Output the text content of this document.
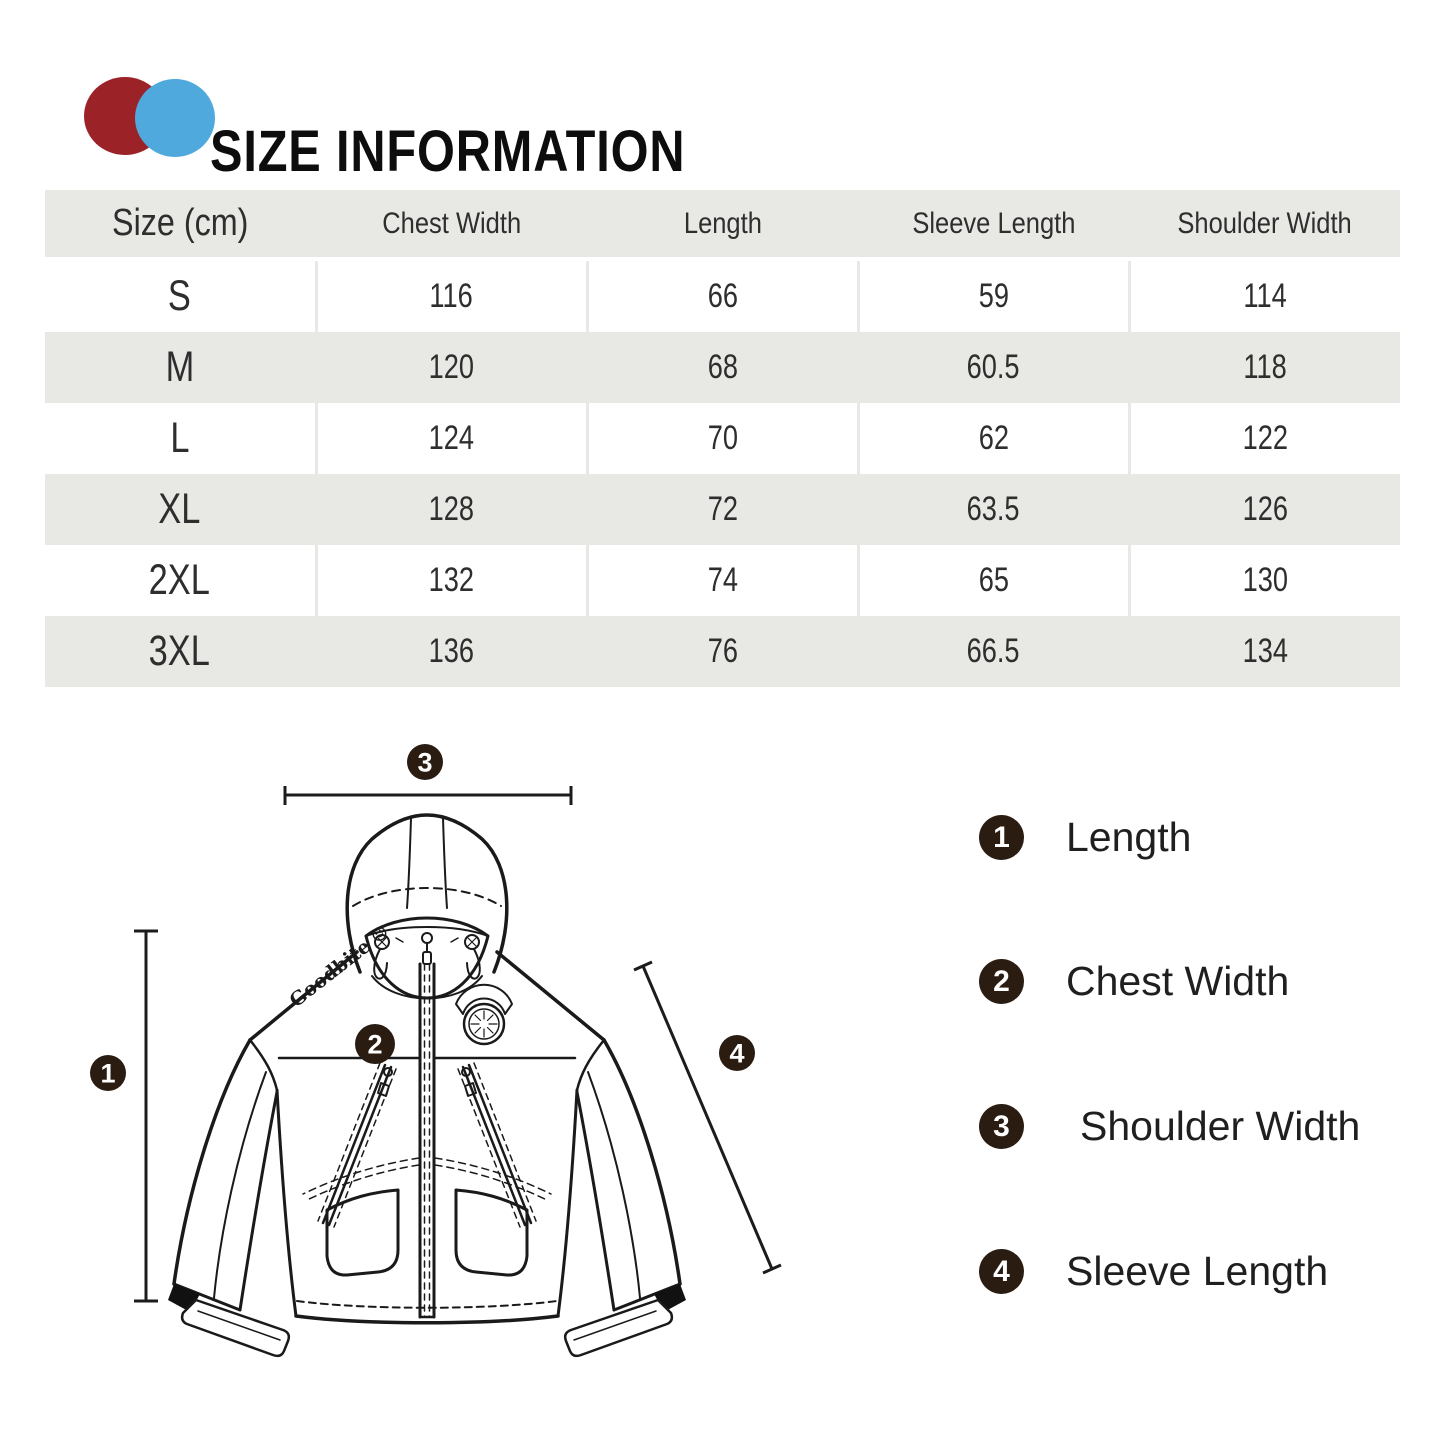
SIZE INFORMATION
Size (cm)	Chest Width	Length	Sleeve Length	Shoulder Width
S	116	66	59	114
M	120	68	60.5	118
L	124	70	62	122
XL	128	72	63.5	126
2XL	132	74	65	130
3XL	136	76	66.5	134
3
1
4
Goodbite ☺
2
1	Length
2	Chest Width
3	Shoulder Width
4	Sleeve Length
